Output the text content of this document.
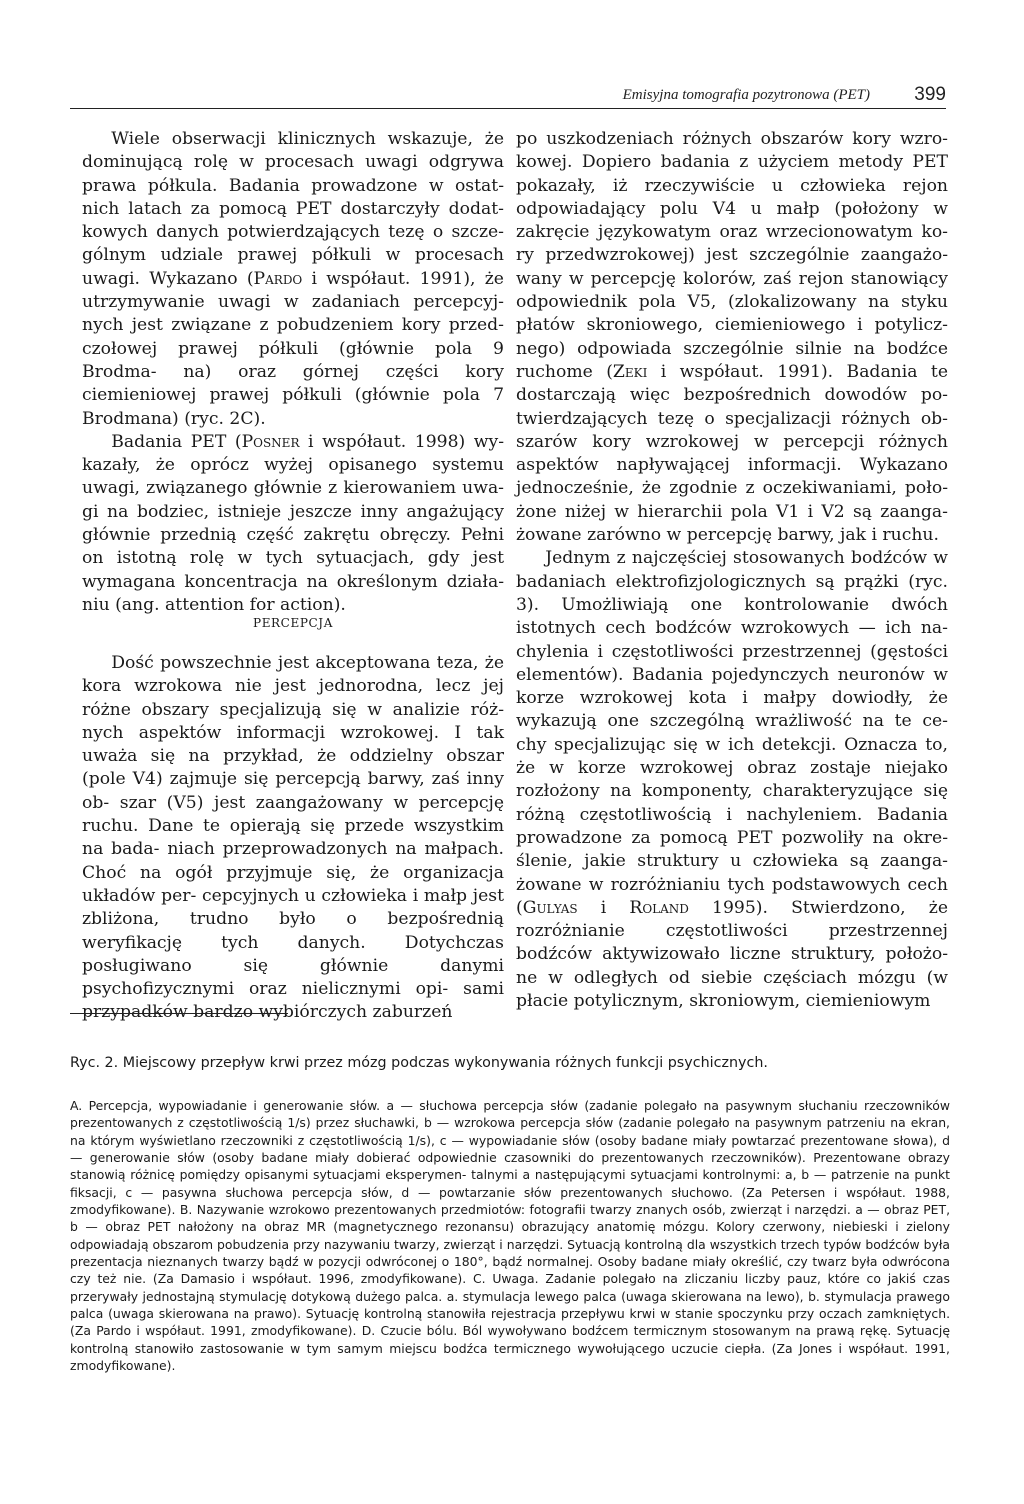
Emisyjna tomografia pozytronowa (PET) 399

Wiele obserwacji klinicznych wskazuje, że dominującą rolę w procesach uwagi odgrywa prawa półkula. Badania prowadzone w ostat- nich latach za pomocą PET dostarczyły dodat- kowych danych potwierdzających tezę o szcze- gólnym udziale prawej półkuli w procesach uwagi. Wykazano (Pardo i współaut. 1991), że utrzymywanie uwagi w zadaniach percepcyj- nych jest związane z pobudzeniem kory przed- czołowej prawej półkuli (głównie pola 9 Brodma- na) oraz górnej części kory ciemieniowej prawej półkuli (głównie pola 7 Brodmana) (ryc. 2C).

Badania PET (Posner i współaut. 1998) wy- kazały, że oprócz wyżej opisanego systemu uwagi, związanego głównie z kierowaniem uwa- gi na bodziec, istnieje jeszcze inny angażujący głównie przednią część zakrętu obręczy. Pełni on istotną rolę w tych sytuacjach, gdy jest wymagana koncentracja na określonym działa- niu (ang. attention for action).

PERCEPCJA

Dość powszechnie jest akceptowana teza, że kora wzrokowa nie jest jednorodna, lecz jej różne obszary specjalizują się w analizie róż- nych aspektów informacji wzrokowej. I tak uważa się na przykład, że oddzielny obszar (pole V4) zajmuje się percepcją barwy, zaś inny ob- szar (V5) jest zaangażowany w percepcję ruchu. Dane te opierają się przede wszystkim na bada- niach przeprowadzonych na małpach. Choć na ogół przyjmuje się, że organizacja układów per- cepcyjnych u człowieka i małp jest zbliżona, trudno było o bezpośrednią weryfikację tych danych. Dotychczas posługiwano się głównie	danymi psychofizycznymi oraz nielicznymi opi- sami przypadków bardzo wybiórczych zaburzeń

po uszkodzeniach różnych obszarów kory wzro- kowej. Dopiero badania z użyciem metody PET pokazały, iż rzeczywiście u człowieka rejon odpowiadający polu V4 u małp (położony w zakręcie językowatym oraz wrzecionowatym ko- ry przedwzrokowej) jest szczególnie zaangażo- wany w percepcję kolorów, zaś rejon stanowiący odpowiednik pola V5, (zlokalizowany na styku płatów skroniowego, ciemieniowego i potylicz- nego) odpowiada szczególnie silnie na bodźce ruchome (Zeki i współaut. 1991). Badania te dostarczają więc bezpośrednich dowodów po- twierdzających tezę o specjalizacji różnych ob- szarów kory wzrokowej w percepcji różnych aspektów napływającej informacji. Wykazano jednocześnie, że zgodnie z oczekiwaniami, poło- żone niżej w hierarchii pola V1 i V2 są zaanga- żowane zarówno w percepcję barwy, jak i ruchu.

Jednym z najczęściej stosowanych bodźców w badaniach elektrofizjologicznych są prążki (ryc. 3). Umożliwiają one kontrolowanie dwóch istotnych cech bodźców wzrokowych — ich na- chylenia i częstotliwości przestrzennej (gęstości elementów). Badania pojedynczych neuronów w korze wzrokowej kota i małpy dowiodły, że wykazują one szczególną wrażliwość na te ce- chy specjalizując się w ich detekcji. Oznacza to, że w korze wzrokowej obraz zostaje niejako rozłożony na komponenty, charakteryzujące się różną częstotliwością i nachyleniem. Badania prowadzone za pomocą PET pozwoliły na okre- ślenie, jakie struktury u człowieka są zaanga- żowane w rozróżnianiu tych podstawowych cech (Gulyas i Roland 1995). Stwierdzono, że rozróżnianie częstotliwości przestrzennej bodźców aktywizowało liczne struktury, położo- ne w odległych od siebie częściach mózgu (w płacie potylicznym, skroniowym, ciemieniowym

Ryc. 2. Miejscowy przepływ krwi przez mózg podczas wykonywania różnych funkcji psychicznych.

A. Percepcja, wypowiadanie i generowanie słów. a — słuchowa percepcja słów (zadanie polegało na pasywnym słuchaniu rzeczowników prezentowanych z częstotliwością 1/s) przez słuchawki, b — wzrokowa percepcja słów (zadanie polegało na pasywnym patrzeniu na ekran, na którym wyświetlano rzeczowniki z częstotliwością 1/s), c — wypowiadanie słów (osoby badane miały powtarzać prezentowane słowa), d — generowanie słów (osoby badane miały dobierać odpowiednie czasowniki do prezentowanych rzeczowników). Prezentowane obrazy stanowią różnicę pomiędzy opisanymi sytuacjami eksperymen- talnymi a następującymi sytuacjami kontrolnymi: a, b — patrzenie na punkt fiksacji, c — pasywna słuchowa percepcja słów, d — powtarzanie słów prezentowanych słuchowo. (Za Petersen i współaut. 1988, zmodyfikowane). B. Nazywanie wzrokowo prezentowanych przedmiotów: fotografii twarzy znanych osób, zwierząt i narzędzi. a — obraz PET, b — obraz PET nałożony na obraz MR (magnetycznego rezonansu) obrazujący anatomię mózgu. Kolory czerwony, niebieski i zielony odpowiadają obszarom pobudzenia przy nazywaniu twarzy, zwierząt i narzędzi. Sytuacją kontrolną dla wszystkich trzech typów bodźców była prezentacja nieznanych twarzy bądź w pozycji odwróconej o 180°, bądź normalnej. Osoby badane miały określić, czy twarz była odwrócona czy też nie. (Za Damasio i współaut. 1996, zmodyfikowane). C. Uwaga. Zadanie polegało na zliczaniu liczby pauz, które co jakiś czas przerywały jednostajną stymulację dotykową dużego palca. a. stymulacja lewego palca (uwaga skierowana na lewo), b. stymulacja prawego palca (uwaga skierowana na prawo). Sytuację kontrolną stanowiła rejestracja przepływu krwi w stanie spoczynku przy oczach zamkniętych. (Za Pardo i współaut. 1991, zmodyfikowane). D. Czucie bólu. Ból wywoływano bodźcem termicznym stosowanym na prawą rękę. Sytuację kontrolną stanowiło zastosowanie w tym samym miejscu bodźca termicznego wywołującego uczucie ciepła. (Za Jones i współaut. 1991, zmodyfikowane).
